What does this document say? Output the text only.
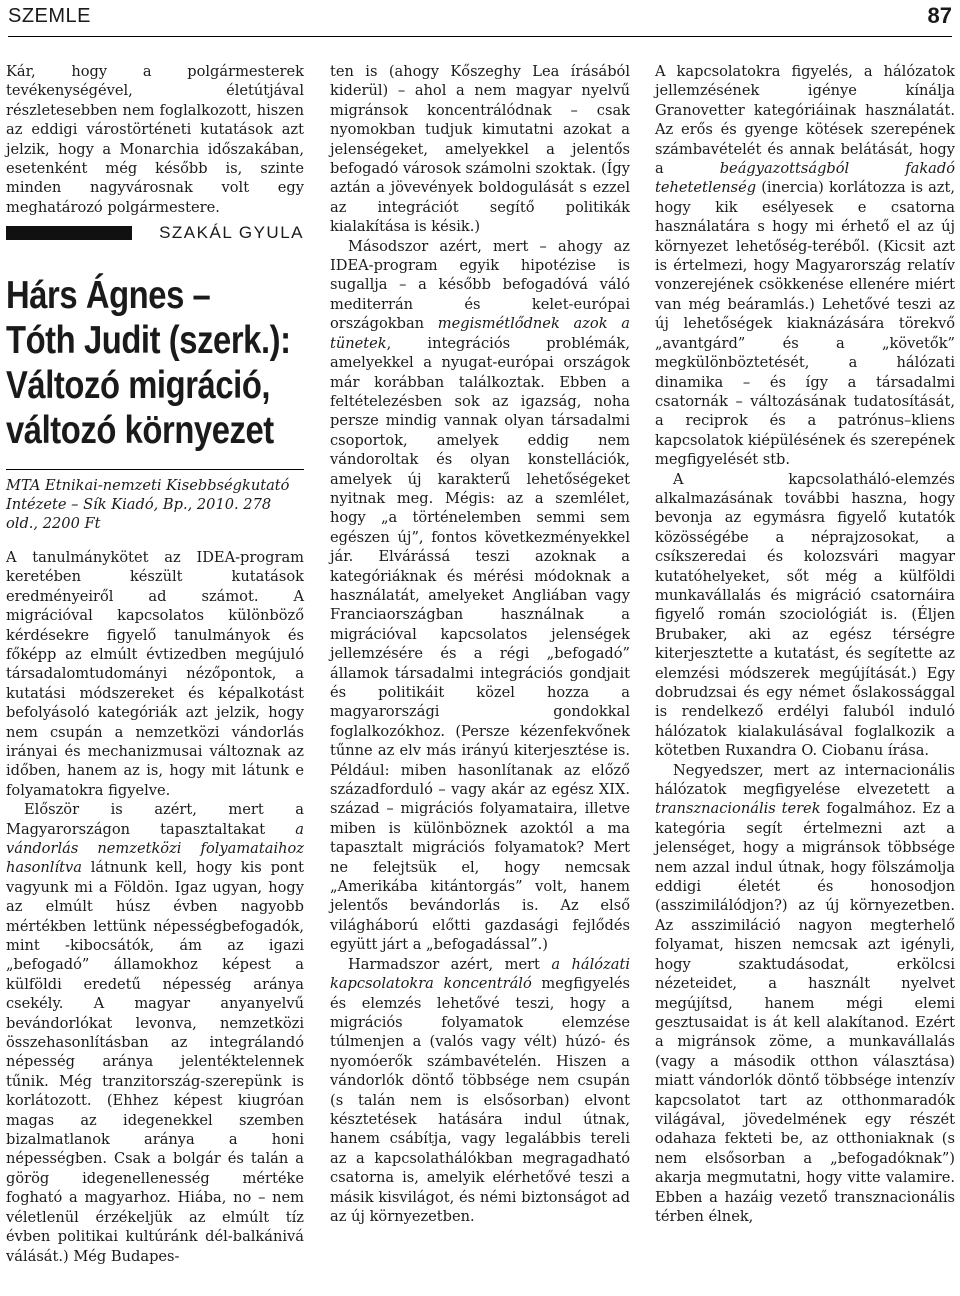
SZEMLE	87

Kár, hogy a polgármesterek tevékenységével, életútjával részletesebben nem foglalkozott, hiszen az eddigi várostörténeti kutatások azt jelzik, hogy a Monarchia időszakában, esetenként még később is, szinte minden nagyvárosnak volt egy meghatározó polgármestere.

SZAKÁL GYULA
Hárs Ágnes –
Tóth Judit (szerk.):
Változó migráció,
változó környezet
MTA Etnikai-nemzeti Kisebbségkutató Intézete – Sík Kiadó, Bp., 2010. 278 old., 2200 Ft

A tanulmánykötet az IDEA-program keretében készült kutatások eredményeiről ad számot. A migrációval kapcsolatos különböző kérdésekre figyelő tanulmányok és főképp az elmúlt évtizedben megújuló társadalomtudományi nézőpontok, a kutatási módszereket és képalkotást befolyásoló kategóriák azt jelzik, hogy nem csupán a nemzetközi vándorlás irányai és mechanizmusai változnak az időben, hanem az is, hogy mit látunk e folyamatokra figyelve.

Először is azért, mert a Magyarországon tapasztaltakat a vándorlás nemzetközi folyamataihoz hasonlítva látnunk kell, hogy kis pont vagyunk mi a Földön. Igaz ugyan, hogy az elmúlt húsz évben nagyobb mértékben lettünk népességbefogadók, mint -kibocsátók, ám az igazi „befogadó” államokhoz képest a külföldi eredetű népesség aránya csekély. A magyar anyanyelvű bevándorlókat levonva, nemzetközi összehasonlításban az integrálandó népesség aránya jelentéktelennek tűnik. Még tranzitország-szerepünk is korlátozott. (Ehhez képest kiugróan magas az idegenekkel szemben bizalmatlanok aránya a honi népességben. Csak a bolgár és talán a görög idegenellenesség mértéke fogható a magyarhoz. Hiába, no – nem véletlenül érzékeljük az elmúlt tíz évben politikai kultúránk dél-balkánivá válását.) Még Budapes-

ten is (ahogy Kőszeghy Lea írásából kiderül) – ahol a nem magyar nyelvű migránsok koncentrálódnak – csak nyomokban tudjuk kimutatni azokat a jelenségeket, amelyekkel a jelentős befogadó városok számolni szoktak. (Így aztán a jövevények boldogulását s ezzel az integrációt segítő politikák kialakítása is késik.)

Másodszor azért, mert – ahogy az IDEA-program egyik hipotézise is sugallja – a később befogadóvá váló mediterrán és kelet-európai országokban megismétlődnek azok a tünetek, integrációs problémák, amelyekkel a nyugat-európai országok már korábban találkoztak. Ebben a feltételezésben sok az igazság, noha persze mindig vannak olyan társadalmi csoportok, amelyek eddig nem vándoroltak és olyan konstellációk, amelyek új karakterű lehetőségeket nyitnak meg. Mégis: az a szemlélet, hogy „a történelemben semmi sem egészen új”, fontos következményekkel jár. Elvárássá teszi azoknak a kategóriáknak és mérési módoknak a használatát, amelyeket Angliában vagy Franciaországban használnak a migrációval kapcsolatos jelenségek jellemzésére és a régi „befogadó” államok társadalmi integrációs gondjait és politikáit közel hozza a magyarországi gondokkal foglalkozókhoz. (Persze kézenfekvőnek tűnne az elv más irányú kiterjesztése is. Például: miben hasonlítanak az előző századforduló – vagy akár az egész XIX. század – migrációs folyamataira, illetve miben is különböznek azoktól a ma tapasztalt migrációs folyamatok? Mert ne felejtsük el, hogy nemcsak „Amerikába kitántorgás” volt, hanem jelentős bevándorlás is. Az első világháború előtti gazdasági fejlődés együtt járt a „befogadással”.)

Harmadszor azért, mert a hálózati kapcsolatokra koncentráló megfigyelés és elemzés lehetővé teszi, hogy a migrációs folyamatok elemzése túlmenjen a (valós vagy vélt) húzó- és nyomóerők számbavételén. Hiszen a vándorlók döntő többsége nem csupán (s talán nem is elsősorban) elvont késztetések hatására indul útnak, hanem csábítja, vagy legalábbis tereli az a kapcsolathálókban megragadható csatorna is, amelyik elérhetővé teszi a másik kisvilágot, és némi biztonságot ad az új környezetben.

A kapcsolatokra figyelés, a hálózatok jellemzésének igénye kínálja Granovetter kategóriáinak használatát. Az erős és gyenge kötések szerepének számbavételét és annak belátását, hogy a beágyazottságból fakadó tehetetlenség (inercia) korlátozza is azt, hogy kik esélyesek e csatorna használatára s hogy mi érhető el az új környezet lehetőség-teréből. (Kicsit azt is értelmezi, hogy Magyarország relatív vonzerejének csökkenése ellenére miért van még beáramlás.) Lehetővé teszi az új lehetőségek kiaknázására törekvő „avantgárd” és a „követők” megkülönböztetését, a hálózati dinamika – és így a társadalmi csatornák – változásának tudatosítását, a reciprok és a patrónus–kliens kapcsolatok kiépülésének és szerepének megfigyelését stb.

A kapcsolatháló-elemzés alkalmazásának további haszna, hogy bevonja az egymásra figyelő kutatók közösségébe a néprajzosokat, a csíkszeredai és kolozsvári magyar kutatóhelyeket, sőt még a külföldi munkavállalás és migráció csatornáira figyelő román szociológiát is. (Éljen Brubaker, aki az egész térségre kiterjesztette a kutatást, és segítette az elemzési módszerek megújítását.) Egy dobrudzsai és egy német őslakossággal is rendelkező erdélyi faluból induló hálózatok kialakulásával foglalkozik a kötetben Ruxandra O. Ciobanu írása.

Negyedszer, mert az internacionális hálózatok megfigyelése elvezetett a transznacionális terek fogalmához. Ez a kategória segít értelmezni azt a jelenséget, hogy a migránsok többsége nem azzal indul útnak, hogy fölszámolja eddigi életét és honosodjon (asszimilálódjon?) az új környezetben. Az asszimiláció nagyon megterhelő folyamat, hiszen nemcsak azt igényli, hogy szaktudásodat, erkölcsi nézeteidet, a használt nyelvet megújítsd, hanem mégi elemi gesztusaidat is át kell alakítanod. Ezért a migránsok zöme, a munkavállalás (vagy a második otthon választása) miatt vándorlók döntő többsége intenzív kapcsolatot tart az otthonmaradók világával, jövedelmének egy részét odahaza fekteti be, az otthoniaknak (s nem elsősorban a „befogadóknak”) akarja megmutatni, hogy vitte valamire. Ebben a hazáig vezető transznacionális térben élnek,
